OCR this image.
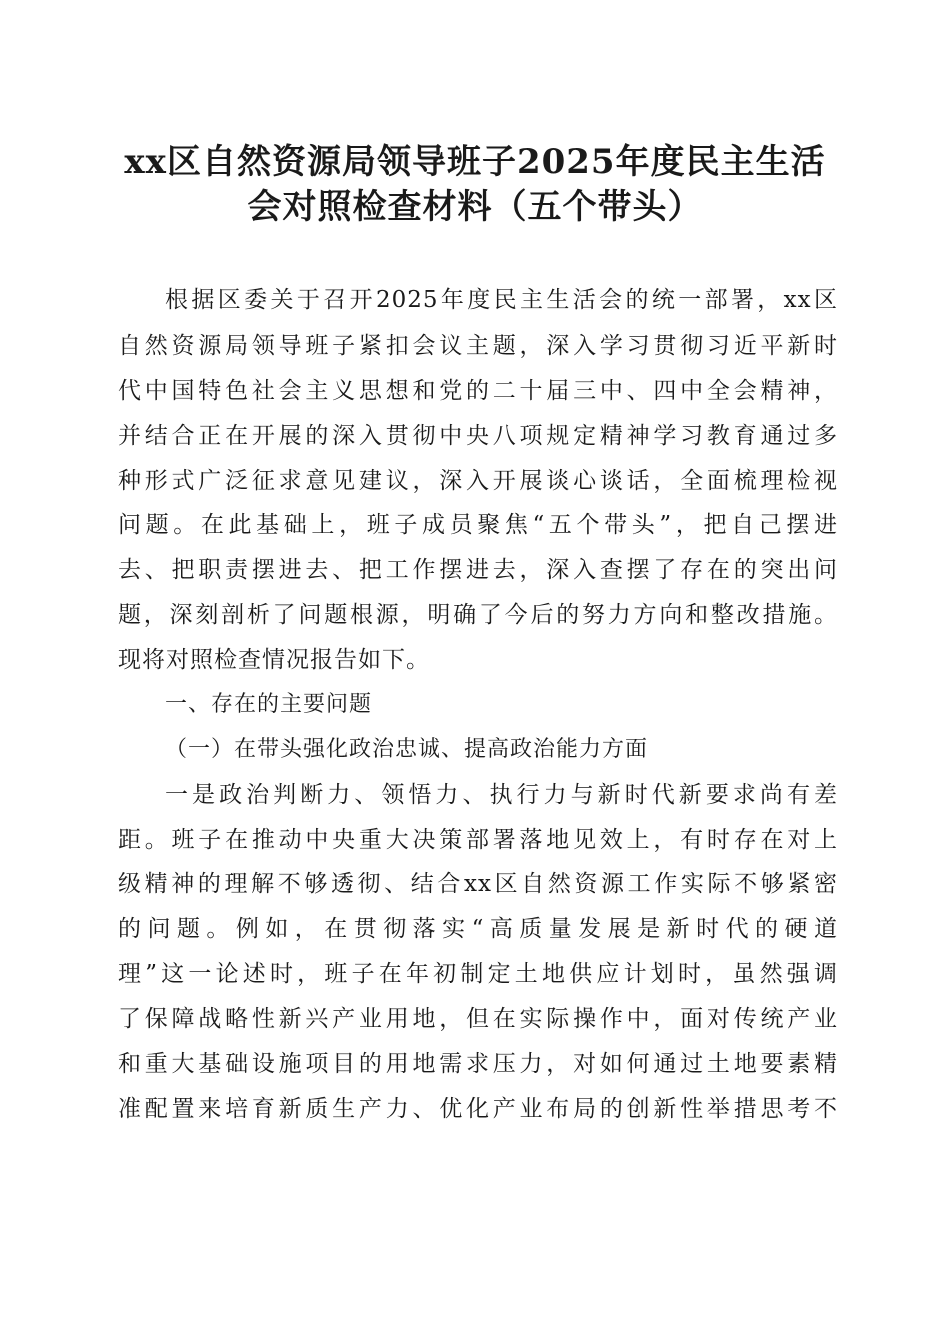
xx区自然资源局领导班子2025年度民主生活
会对照检查材料（五个带头）
根据区委关于召开2025年度民主生活会的统一部署，xx区
自然资源局领导班子紧扣会议主题，深入学习贯彻习近平新时
代中国特色社会主义思想和党的二十届三中、四中全会精神，
并结合正在开展的深入贯彻中央八项规定精神学习教育通过多
种形式广泛征求意见建议，深入开展谈心谈话，全面梳理检视
问题。在此基础上，班子成员聚焦“五个带头”，把自己摆进
去、把职责摆进去、把工作摆进去，深入查摆了存在的突出问
题，深刻剖析了问题根源，明确了今后的努力方向和整改措施。
现将对照检查情况报告如下。
一、存在的主要问题
（一）在带头强化政治忠诚、提高政治能力方面
一是政治判断力、领悟力、执行力与新时代新要求尚有差
距。班子在推动中央重大决策部署落地见效上，有时存在对上
级精神的理解不够透彻、结合xx区自然资源工作实际不够紧密
的问题。例如，在贯彻落实“高质量发展是新时代的硬道
理”这一论述时，班子在年初制定土地供应计划时，虽然强调
了保障战略性新兴产业用地，但在实际操作中，面对传统产业
和重大基础设施项目的用地需求压力，对如何通过土地要素精
准配置来培育新质生产力、优化产业布局的创新性举措思考不
